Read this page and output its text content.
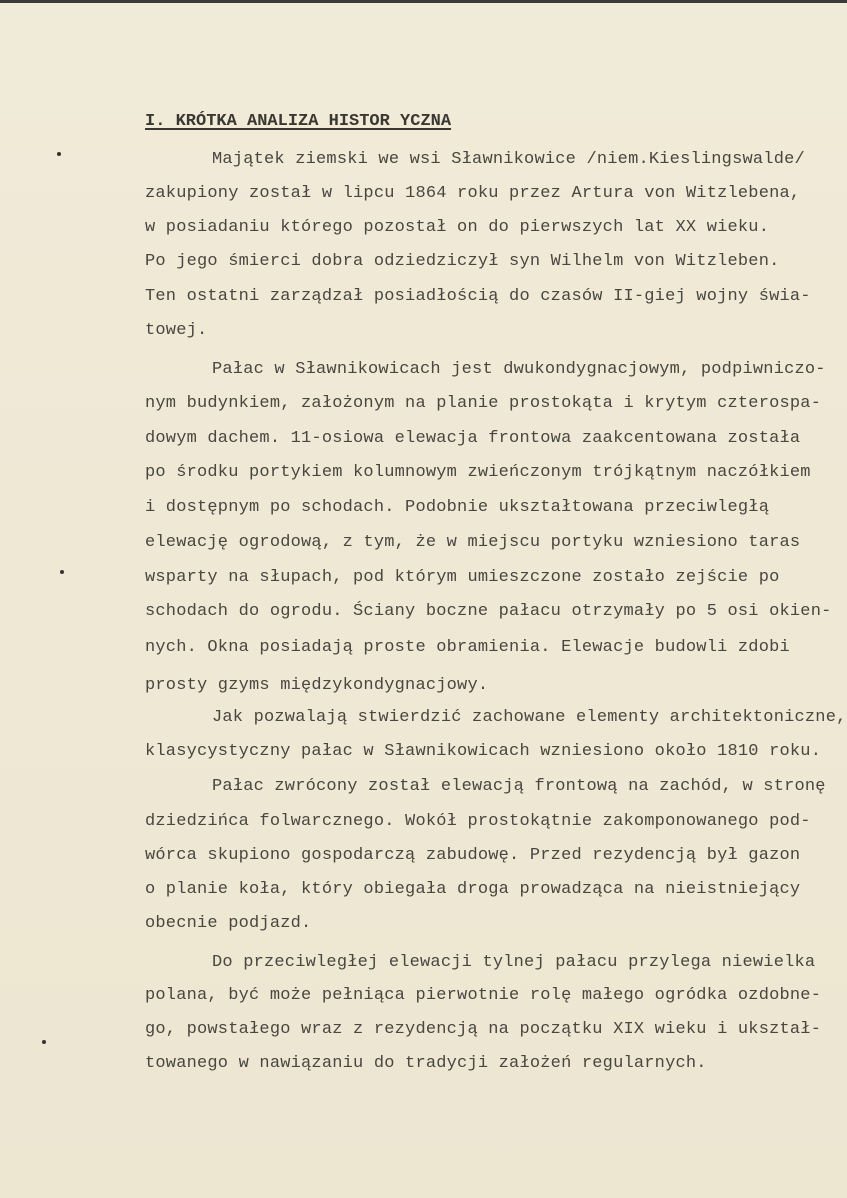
I. KRÓTKA ANALIZA HISTOR YCZNA
Majątek ziemski we wsi Sławnikowice /niem.Kieslingswalde/
zakupiony został w lipcu 1864 roku przez Artura von Witzlebena,
w posiadaniu którego pozostał on do pierwszych lat XX wieku.
Po jego śmierci dobra odziedziczył syn Wilhelm von Witzleben.
Ten ostatni zarządzał posiadłością do czasów II-giej wojny świa-
towej.
Pałac w Sławnikowicach jest dwukondygnacjowym, podpiwniczo-
nym budynkiem, założonym na planie prostokąta i krytym czterospa-
dowym dachem. 11-osiowa elewacja frontowa zaakcentowana została
po środku portykiem kolumnowym zwieńczonym trójkątnym naczółkiem
i dostępnym po schodach. Podobnie ukształtowana przeciwległą
elewację ogrodową, z tym, że w miejscu portyku wzniesiono taras
wsparty na słupach, pod którym umieszczone zostało zejście po
schodach do ogrodu. Ściany boczne pałacu otrzymały po 5 osi okien-
nych. Okna posiadają proste obramienia. Elewacje budowli zdobi
prosty gzyms międzykondygnacjowy.
Jak pozwalają stwierdzić zachowane elementy architektoniczne,
klasycystyczny pałac w Sławnikowicach wzniesiono około 1810 roku.
Pałac zwrócony został elewacją frontową na zachód, w stronę
dziedzińca folwarcznego. Wokół prostokątnie zakomponowanego pod-
wórca skupiono gospodarczą zabudowę. Przed rezydencją był gazon
o planie koła, który obiegała droga prowadząca na nieistniejący
obecnie podjazd.
Do przeciwległej elewacji tylnej pałacu przylega niewielka
polana, być może pełniąca pierwotnie rolę małego ogródka ozdobne-
go, powstałego wraz z rezydencją na początku XIX wieku i ukształ-
towanego w nawiązaniu do tradycji założeń regularnych.
